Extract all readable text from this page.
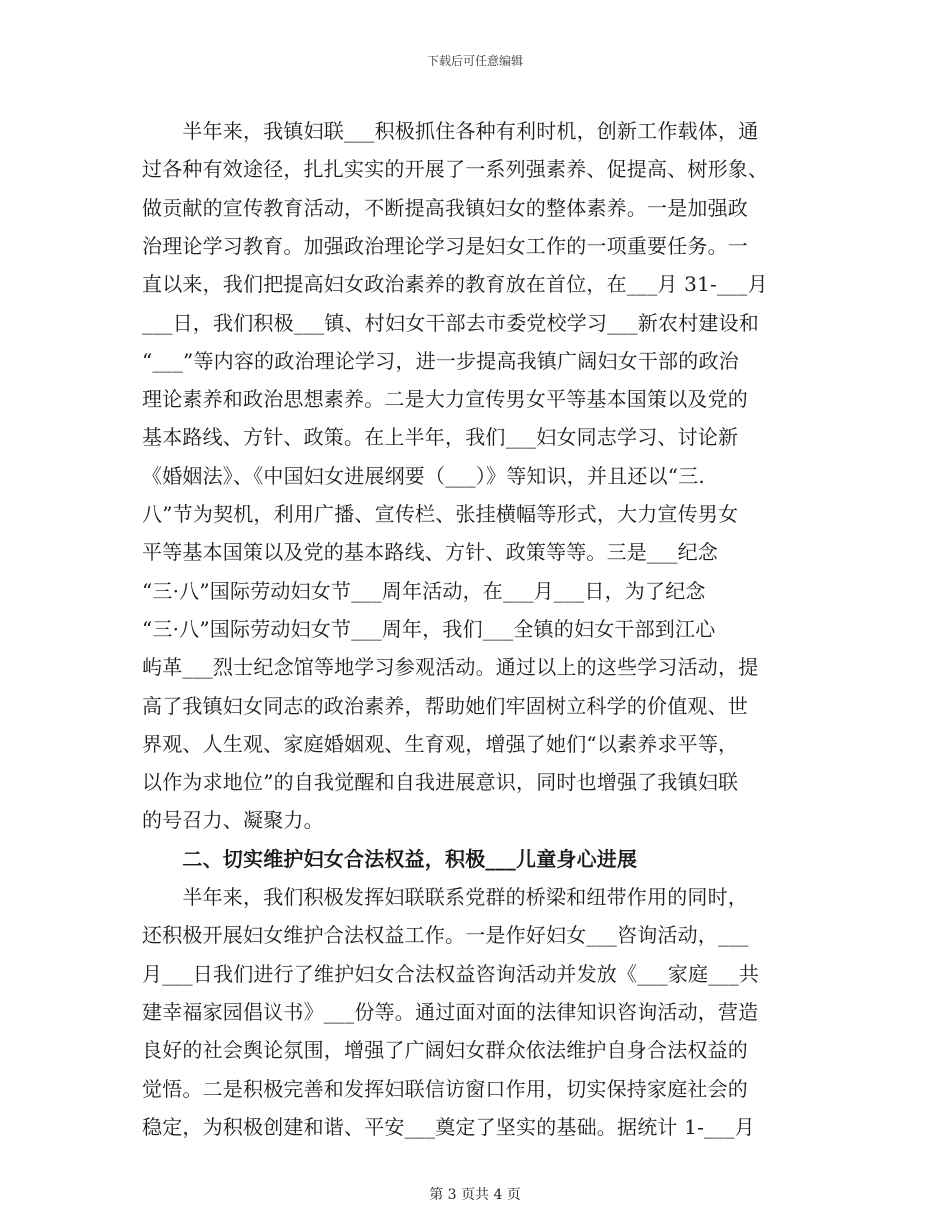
下载后可任意编辑
　　半年来，我镇妇联___积极抓住各种有利时机，创新工作载体，通
过各种有效途径，扎扎实实的开展了一系列强素养、促提高、树形象、
做贡献的宣传教育活动，不断提高我镇妇女的整体素养。一是加强政
治理论学习教育。加强政治理论学习是妇女工作的一项重要任务。一
直以来，我们把提高妇女政治素养的教育放在首位，在___月 31-___月
___日，我们积极___镇、村妇女干部去市委党校学习___新农村建设和
“___”等内容的政治理论学习，进一步提高我镇广阔妇女干部的政治
理论素养和政治思想素养。二是大力宣传男女平等基本国策以及党的
基本路线、方针、政策。在上半年，我们___妇女同志学习、讨论新
《婚姻法》、《中国妇女进展纲要（___）》等知识，并且还以“三.
八”节为契机，利用广播、宣传栏、张挂横幅等形式，大力宣传男女
平等基本国策以及党的基本路线、方针、政策等等。三是___纪念
“三·八”国际劳动妇女节___周年活动，在___月___日，为了纪念
“三·八”国际劳动妇女节___周年，我们___全镇的妇女干部到江心
屿革___烈士纪念馆等地学习参观活动。通过以上的这些学习活动，提
高了我镇妇女同志的政治素养，帮助她们牢固树立科学的价值观、世
界观、人生观、家庭婚姻观、生育观，增强了她们“以素养求平等，
以作为求地位”的自我觉醒和自我进展意识，同时也增强了我镇妇联
的号召力、凝聚力。
　　二、切实维护妇女合法权益，积极___儿童身心进展
　　半年来，我们积极发挥妇联联系党群的桥梁和纽带作用的同时，
还积极开展妇女维护合法权益工作。一是作好妇女___咨询活动，___
月___日我们进行了维护妇女合法权益咨询活动并发放《___家庭___共
建幸福家园倡议书》___份等。通过面对面的法律知识咨询活动，营造
良好的社会舆论氛围，增强了广阔妇女群众依法维护自身合法权益的
觉悟。二是积极完善和发挥妇联信访窗口作用，切实保持家庭社会的
稳定，为积极创建和谐、平安___奠定了坚实的基础。据统计 1-___月
第 3 页共 4 页
